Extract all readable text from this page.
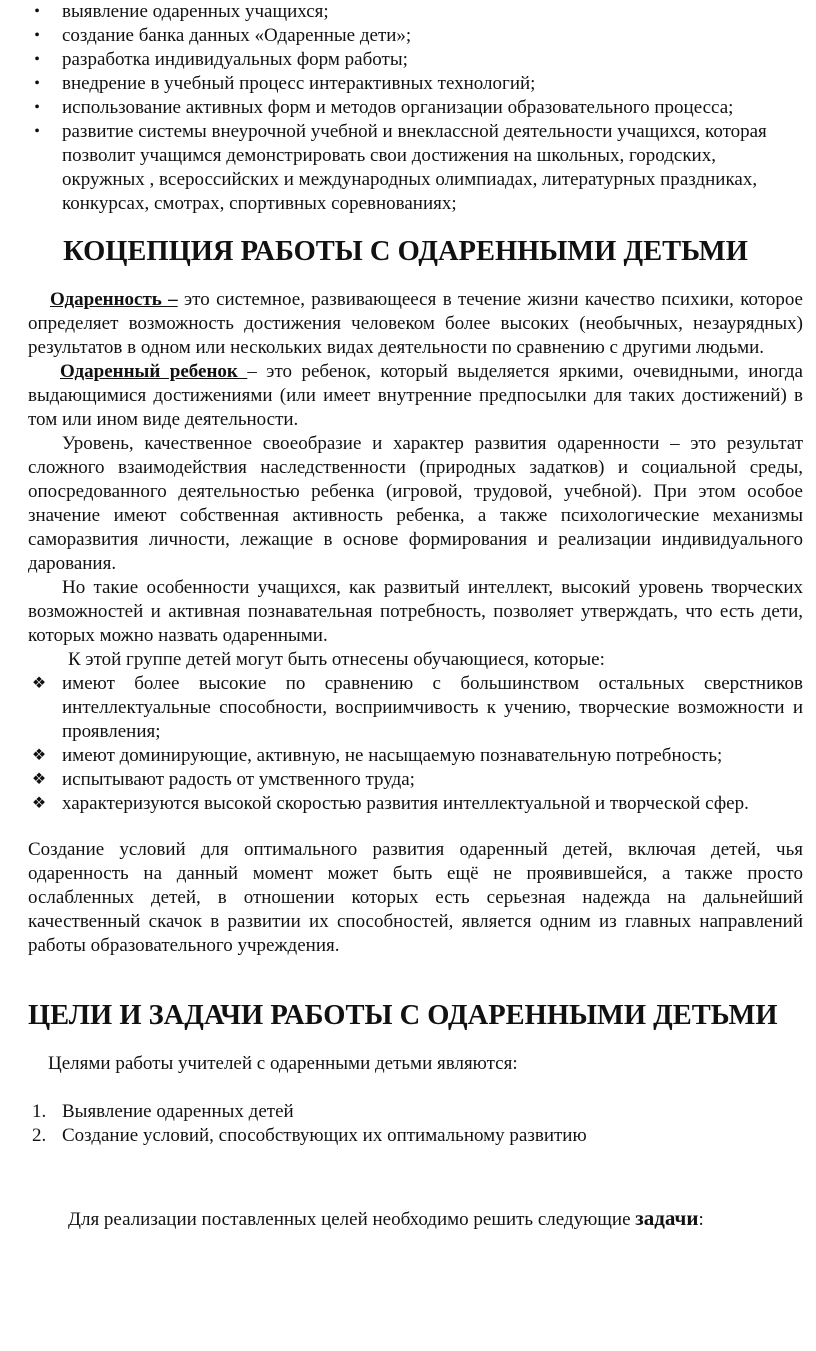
• выявление одаренных учащихся;
• создание банка данных «Одаренные дети»;
• разработка индивидуальных форм работы;
• внедрение в учебный процесс интерактивных технологий;
• использование активных форм и методов организации образовательного процесса;
• развитие системы внеурочной учебной и внеклассной деятельности учащихся, которая позволит учащимся демонстрировать свои достижения на школьных, городских, окружных , всероссийских и международных олимпиадах, литературных праздниках, конкурсах, смотрах, спортивных соревнованиях;
КОЦЕПЦИЯ РАБОТЫ С ОДАРЕННЫМИ ДЕТЬМИ

Одаренность – это системное, развивающееся в течение жизни качество психики, которое определяет возможность достижения человеком более высоких (необычных, незаурядных) результатов в одном или нескольких видах деятельности по сравнению с другими людьми.

Одаренный ребенок – это ребенок, который выделяется яркими, очевидными, иногда выдающимися достижениями (или имеет внутренние предпосылки для таких достижений) в том или ином виде деятельности.

Уровень, качественное своеобразие и характер развития одаренности – это результат сложного взаимодействия наследственности (природных задатков) и социальной среды, опосредованного деятельностью ребенка (игровой, трудовой, учебной). При этом особое значение имеют собственная активность ребенка, а также психологические механизмы саморазвития личности, лежащие в основе формирования и реализации индивидуального дарования.

Но такие особенности учащихся, как развитый интеллект, высокий уровень творческих возможностей и активная познавательная потребность, позволяет утверждать, что есть дети, которых можно назвать одаренными.

К этой группе детей могут быть отнесены обучающиеся, которые:

❖ имеют более высокие по сравнению с большинством остальных сверстников интеллектуальные способности, восприимчивость к учению, творческие возможности и проявления;
❖ имеют доминирующие, активную, не насыщаемую познавательную потребность;
❖ испытывают радость от умственного труда;
❖ характеризуются высокой скоростью развития интеллектуальной и творческой сфер.

Создание условий для оптимального развития одаренный детей, включая детей, чья одаренность на данный момент может быть ещё не проявившейся, а также просто ослабленных детей, в отношении которых есть серьезная надежда на дальнейший качественный скачок в развитии их способностей, является одним из главных направлений работы образовательного учреждения.

ЦЕЛИ И ЗАДАЧИ РАБОТЫ С ОДАРЕННЫМИ ДЕТЬМИ

Целями работы учителей с одаренными детьми являются:

1. Выявление одаренных детей
2. Создание условий, способствующих их оптимальному развитию

Для реализации поставленных целей необходимо решить следующие задачи:
